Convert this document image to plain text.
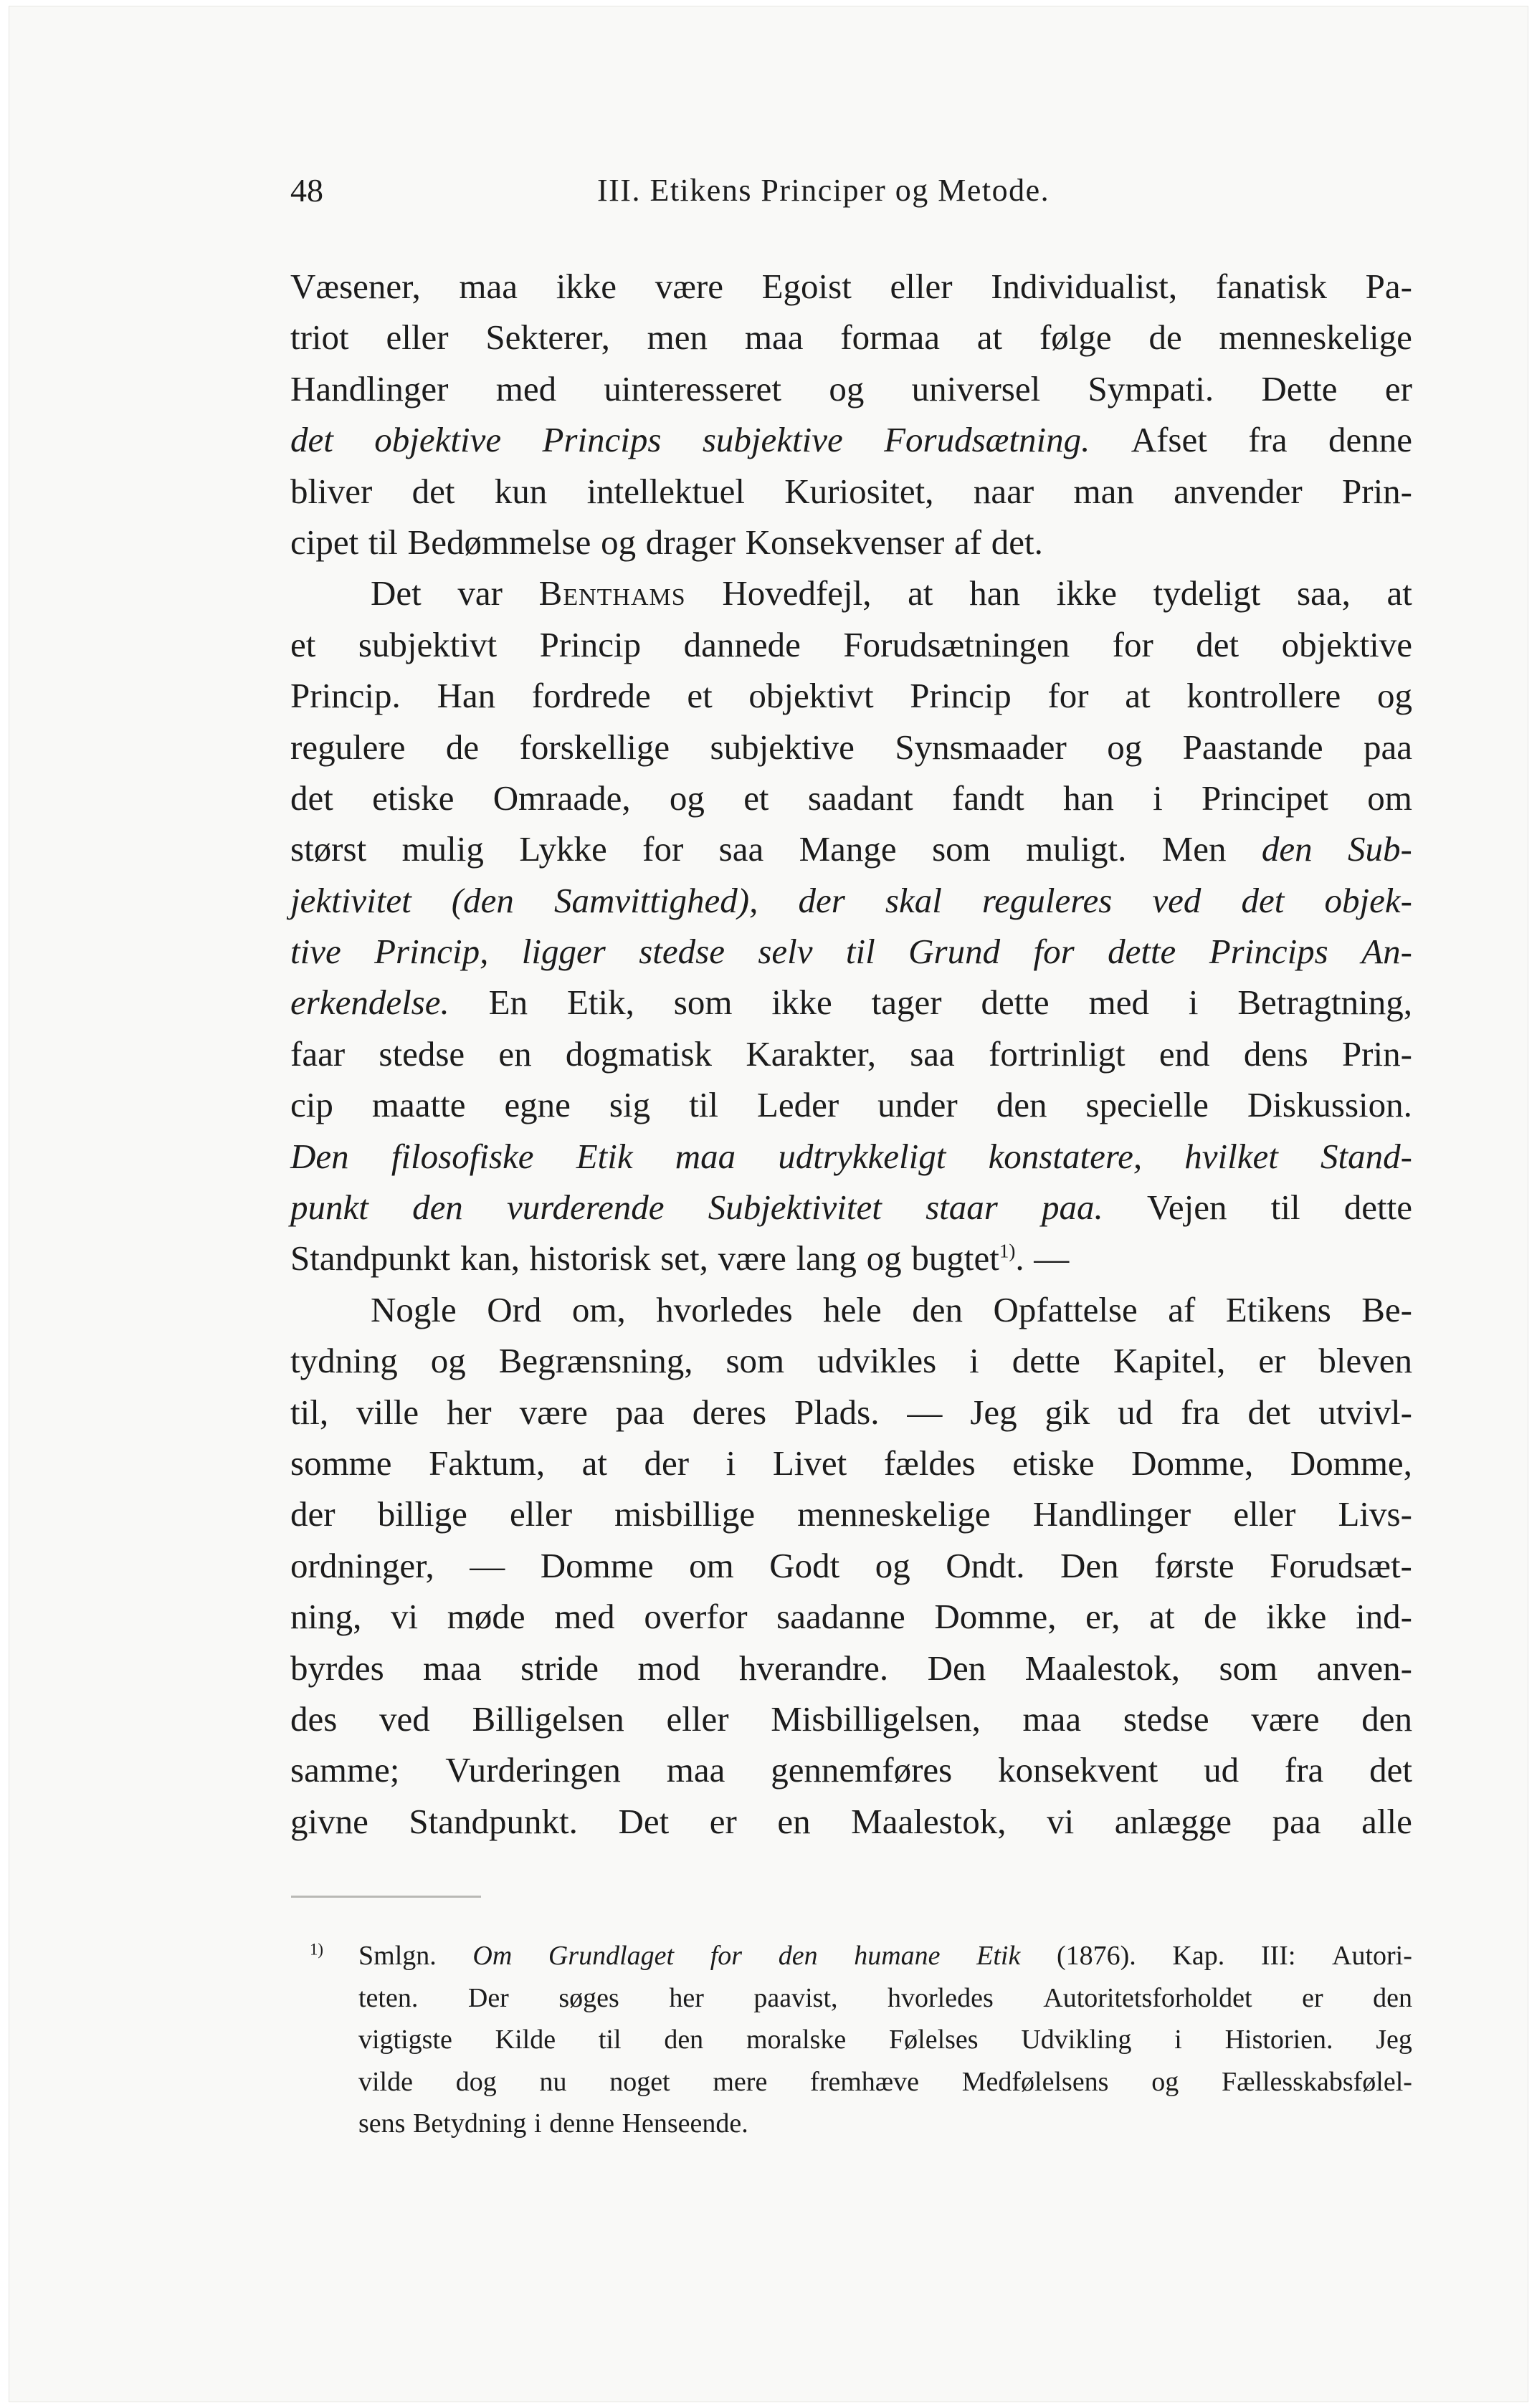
48	III. Etikens Principer og Metode.
Væsener, maa ikke være Egoist eller Individualist, fanatisk Pa-
triot eller Sekterer, men maa formaa at følge de menneskelige
Handlinger med uinteresseret og universel Sympati. Dette er
det objektive Princips subjektive Forudsætning. Afset fra denne
bliver det kun intellektuel Kuriositet, naar man anvender Prin-
cipet til Bedømmelse og drager Konsekvenser af det.
Det var Benthams Hovedfejl, at han ikke tydeligt saa, at
et subjektivt Princip dannede Forudsætningen for det objektive
Princip. Han fordrede et objektivt Princip for at kontrollere og
regulere de forskellige subjektive Synsmaader og Paastande paa
det etiske Omraade, og et saadant fandt han i Principet om
størst mulig Lykke for saa Mange som muligt. Men den Sub-
jektivitet (den Samvittighed), der skal reguleres ved det objek-
tive Princip, ligger stedse selv til Grund for dette Princips An-
erkendelse. En Etik, som ikke tager dette med i Betragtning,
faar stedse en dogmatisk Karakter, saa fortrinligt end dens Prin-
cip maatte egne sig til Leder under den specielle Diskussion.
Den filosofiske Etik maa udtrykkeligt konstatere, hvilket Stand-
punkt den vurderende Subjektivitet staar paa. Vejen til dette
Standpunkt kan, historisk set, være lang og bugtet$^{1)}$. —
Nogle Ord om, hvorledes hele den Opfattelse af Etikens Be-
tydning og Begrænsning, som udvikles i dette Kapitel, er bleven
til, ville her være paa deres Plads. — Jeg gik ud fra det utvivl-
somme Faktum, at der i Livet fældes etiske Domme, Domme,
der billige eller misbillige menneskelige Handlinger eller Livs-
ordninger, — Domme om Godt og Ondt. Den første Forudsæt-
ning, vi møde med overfor saadanne Domme, er, at de ikke ind-
byrdes maa stride mod hverandre. Den Maalestok, som anven-
des ved Billigelsen eller Misbilligelsen, maa stedse være den
samme; Vurderingen maa gennemføres konsekvent ud fra det
givne Standpunkt. Det er en Maalestok, vi anlægge paa alle
$^{1)}$ Smlgn. Om Grundlaget for den humane Etik (1876). Kap. III: Autori-
teten. Der søges her paavist, hvorledes Autoritetsforholdet er den
vigtigste Kilde til den moralske Følelses Udvikling i Historien. Jeg
vilde dog nu noget mere fremhæve Medfølelsens og Fællesskabsfølel-
sens Betydning i denne Henseende.
